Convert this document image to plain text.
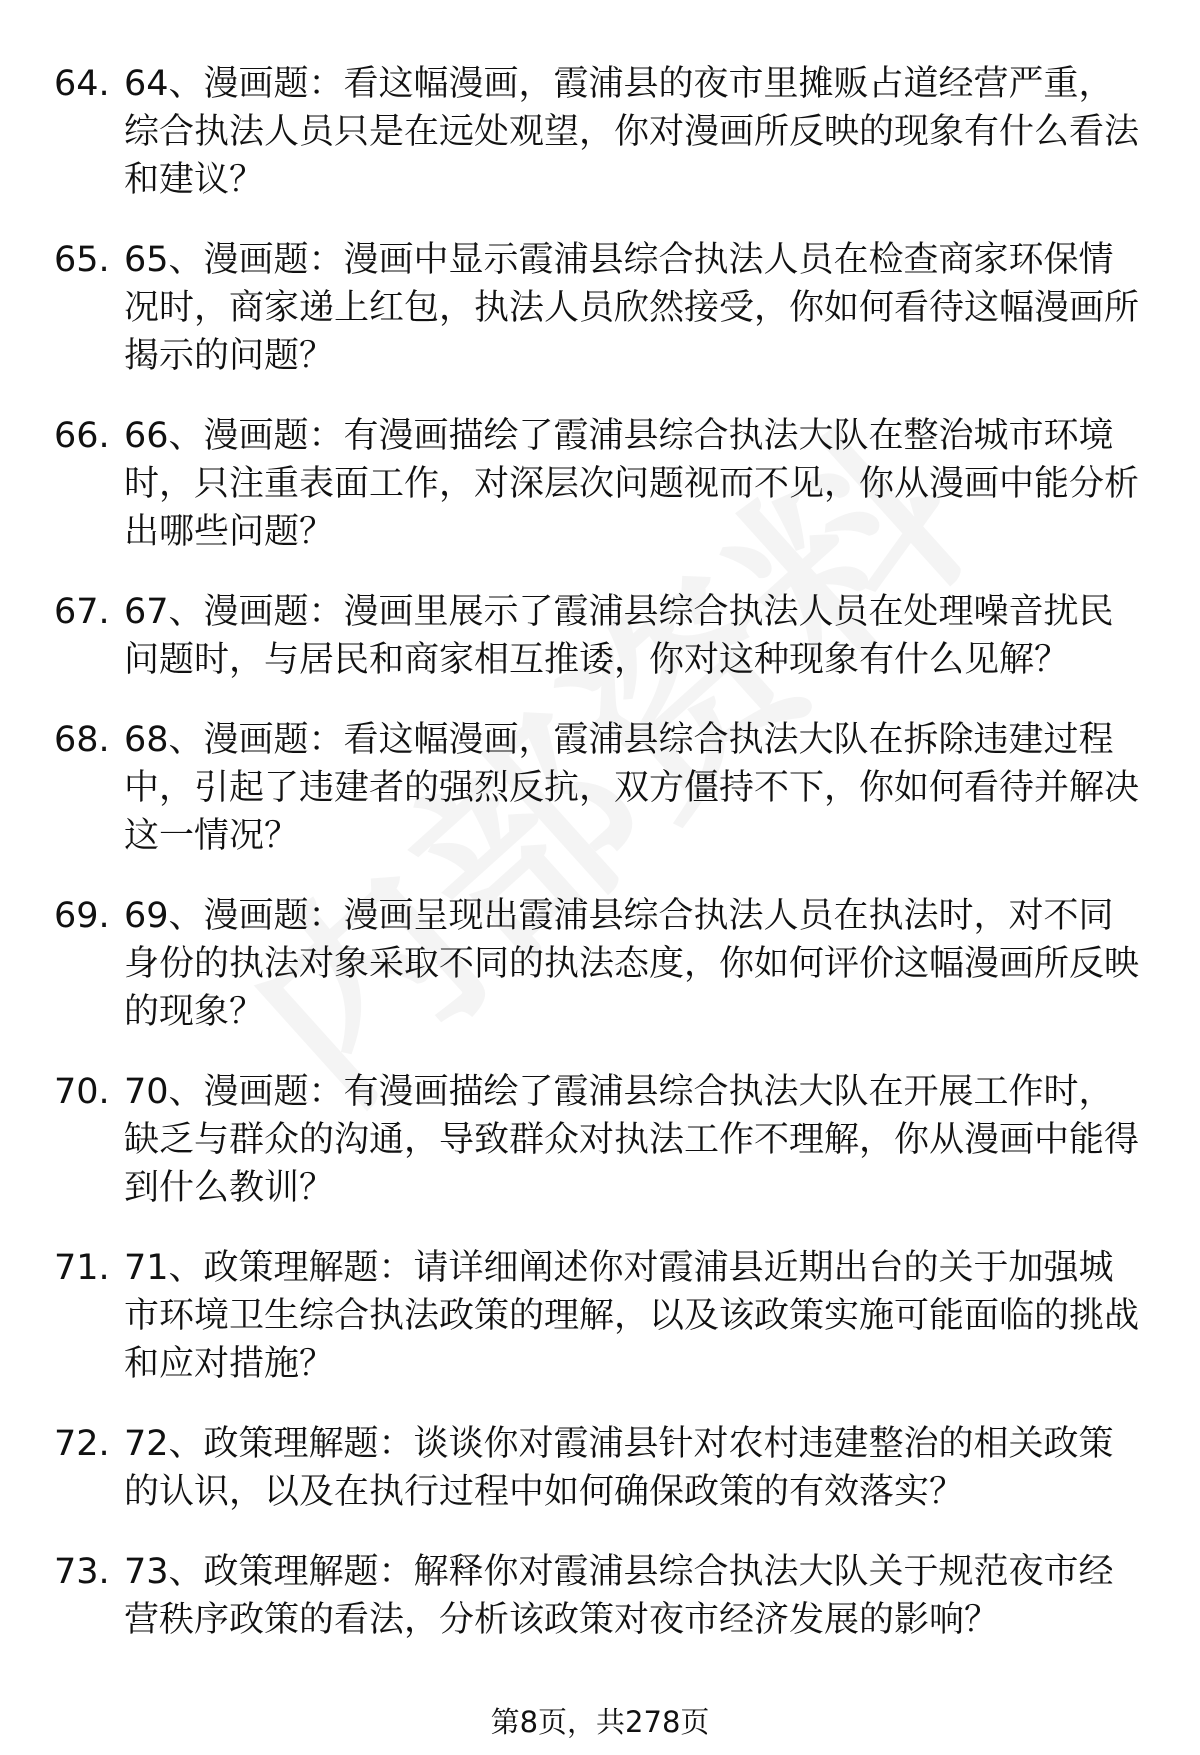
64. 64、漫画题：看这幅漫画，霞浦县的夜市里摊贩占道经营严重，综合执法人员只是在远处观望，你对漫画所反映的现象有什么看法和建议？
65. 65、漫画题：漫画中显示霞浦县综合执法人员在检查商家环保情况时，商家递上红包，执法人员欣然接受，你如何看待这幅漫画所揭示的问题？
66. 66、漫画题：有漫画描绘了霞浦县综合执法大队在整治城市环境时，只注重表面工作，对深层次问题视而不见，你从漫画中能分析出哪些问题？
67. 67、漫画题：漫画里展示了霞浦县综合执法人员在处理噪音扰民问题时，与居民和商家相互推诿，你对这种现象有什么见解？
68. 68、漫画题：看这幅漫画，霞浦县综合执法大队在拆除违建过程中，引起了违建者的强烈反抗，双方僵持不下，你如何看待并解决这一情况？
69. 69、漫画题：漫画呈现出霞浦县综合执法人员在执法时，对不同身份的执法对象采取不同的执法态度，你如何评价这幅漫画所反映的现象？
70. 70、漫画题：有漫画描绘了霞浦县综合执法大队在开展工作时，缺乏与群众的沟通，导致群众对执法工作不理解，你从漫画中能得到什么教训？
71. 71、政策理解题：请详细阐述你对霞浦县近期出台的关于加强城市环境卫生综合执法政策的理解，以及该政策实施可能面临的挑战和应对措施？
72. 72、政策理解题：谈谈你对霞浦县针对农村违建整治的相关政策的认识，以及在执行过程中如何确保政策的有效落实？
73. 73、政策理解题：解释你对霞浦县综合执法大队关于规范夜市经营秩序政策的看法，分析该政策对夜市经济发展的影响？
第8页，共278页
